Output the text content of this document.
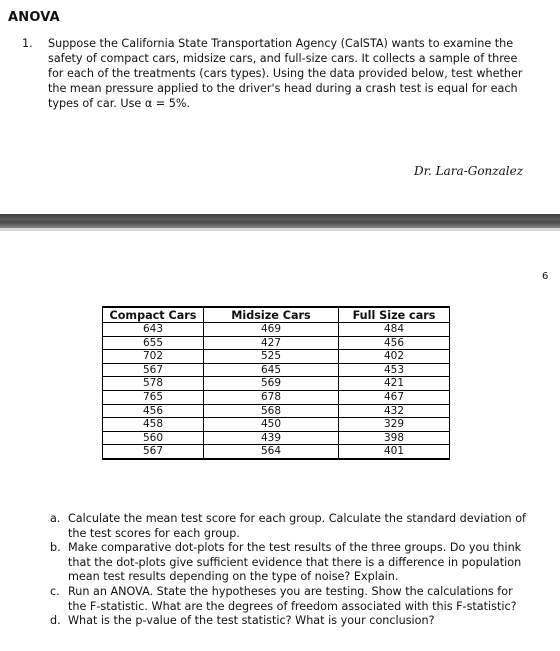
ANOVA
1. Suppose the California State Transportation Agency (CalSTA) wants to examine the safety of compact cars, midsize cars, and full-size cars. It collects a sample of three for each of the treatments (cars types). Using the data provided below, test whether the mean pressure applied to the driver's head during a crash test is equal for each types of car. Use α = 5%.
Dr. Lara-Gonzalez
6
Compact Cars	Midsize Cars	Full Size cars
643	469	484
655	427	456
702	525	402
567	645	453
578	569	421
765	678	467
456	568	432
458	450	329
560	439	398
567	564	401
a. Calculate the mean test score for each group. Calculate the standard deviation of the test scores for each group.
b. Make comparative dot-plots for the test results of the three groups. Do you think that the dot-plots give sufficient evidence that there is a difference in population mean test results depending on the type of noise? Explain.
c. Run an ANOVA. State the hypotheses you are testing. Show the calculations for the F-statistic. What are the degrees of freedom associated with this F-statistic?
d. What is the p-value of the test statistic? What is your conclusion?
